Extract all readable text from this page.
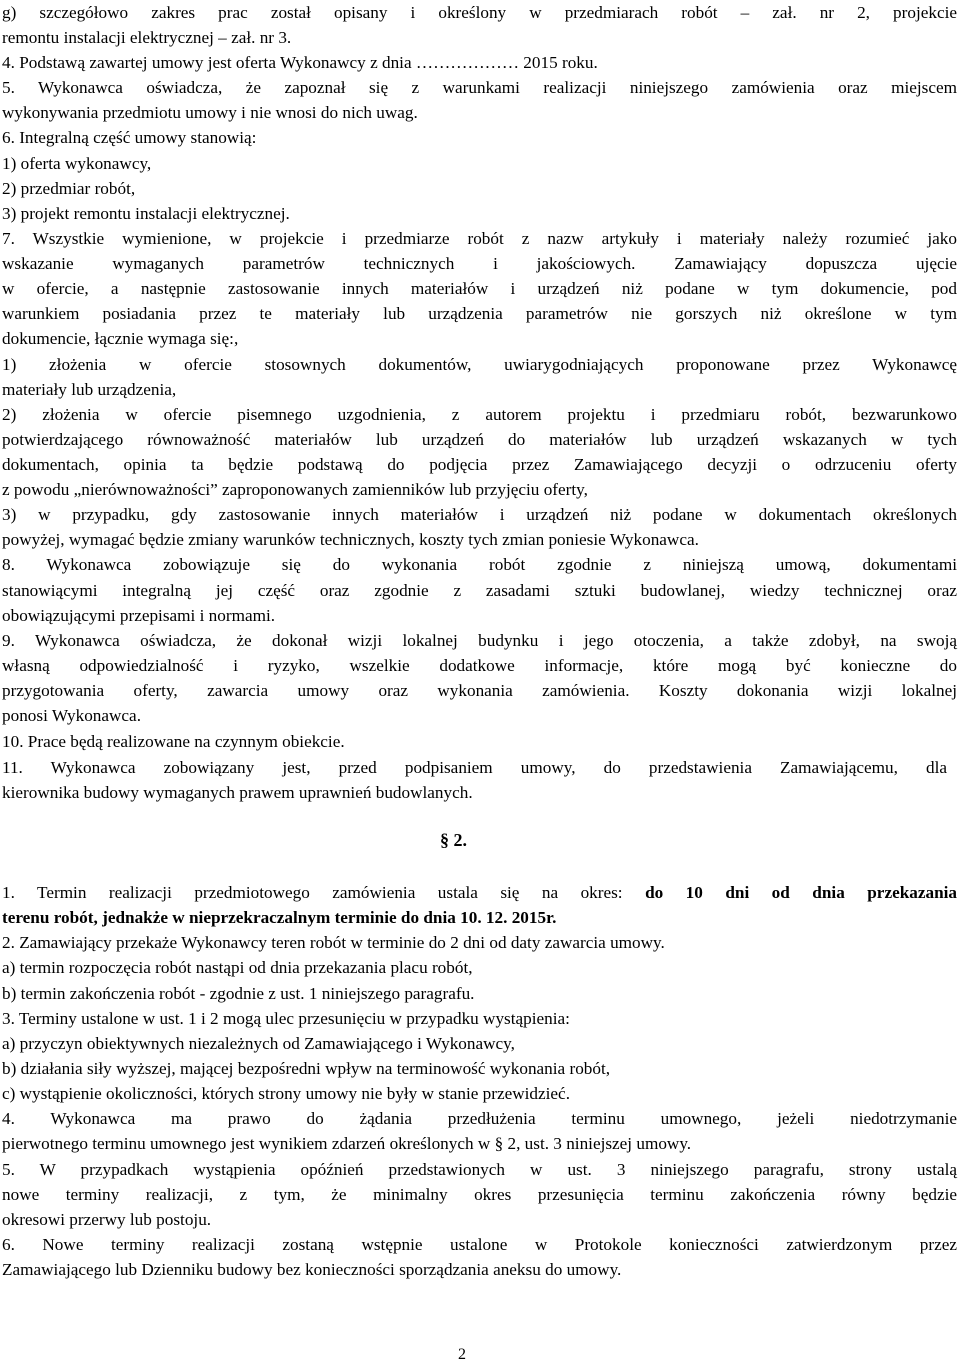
g) szczegółowo zakres prac został opisany i określony w przedmiarach robót – zał. nr 2, projekcie
remontu instalacji elektrycznej – zał. nr 3.
4. Podstawą zawartej umowy jest oferta Wykonawcy z dnia ……………… 2015 roku.
5. Wykonawca oświadcza, że zapoznał się z warunkami realizacji niniejszego zamówienia oraz miejscem
wykonywania przedmiotu umowy i nie wnosi do nich uwag.
6. Integralną część umowy stanowią:
1) oferta wykonawcy,
2) przedmiar robót,
3) projekt remontu instalacji elektrycznej.
7. Wszystkie wymienione, w projekcie i przedmiarze robót z nazw artykuły i materiały należy rozumieć jako
wskazanie wymaganych parametrów technicznych i jakościowych. Zamawiający dopuszcza ujęcie
w ofercie, a następnie zastosowanie innych materiałów i urządzeń niż podane w tym dokumencie, pod
warunkiem posiadania przez te materiały lub urządzenia parametrów nie gorszych niż określone w tym
dokumencie, łącznie wymaga się:,
1) złożenia w ofercie stosownych dokumentów, uwiarygodniających proponowane przez Wykonawcę
materiały lub urządzenia,
2) złożenia w ofercie pisemnego uzgodnienia, z autorem projektu i przedmiaru robót, bezwarunkowo
potwierdzającego równoważność materiałów lub urządzeń do materiałów lub urządzeń wskazanych w tych
dokumentach, opinia ta będzie podstawą do podjęcia przez Zamawiającego decyzji o odrzuceniu oferty
z powodu „nierównoważności” zaproponowanych zamienników lub przyjęciu oferty,
3) w przypadku, gdy zastosowanie innych materiałów i urządzeń niż podane w dokumentach określonych
powyżej, wymagać będzie zmiany warunków technicznych, koszty tych zmian poniesie Wykonawca.
8. Wykonawca zobowiązuje się do wykonania robót zgodnie z niniejszą umową, dokumentami
stanowiącymi integralną jej część oraz zgodnie z zasadami sztuki budowlanej, wiedzy technicznej oraz
obowiązującymi przepisami i normami.
9. Wykonawca oświadcza, że dokonał wizji lokalnej budynku i jego otoczenia, a także zdobył, na swoją
własną odpowiedzialność i ryzyko, wszelkie dodatkowe informacje, które mogą być konieczne do
przygotowania oferty, zawarcia umowy oraz wykonania zamówienia. Koszty dokonania wizji lokalnej
ponosi Wykonawca.
10. Prace będą realizowane na czynnym obiekcie.
11. Wykonawca zobowiązany jest, przed podpisaniem umowy, do przedstawienia Zamawiającemu, dla
kierownika budowy wymaganych prawem uprawnień budowlanych.
§ 2.
1. Termin realizacji przedmiotowego zamówienia ustala się na okres: do 10 dni od dnia przekazania
terenu robót, jednakże w nieprzekraczalnym terminie do dnia 10. 12. 2015r.
2. Zamawiający przekaże Wykonawcy teren robót w terminie do 2 dni od daty zawarcia umowy.
a) termin rozpoczęcia robót nastąpi od dnia przekazania placu robót,
b) termin zakończenia robót - zgodnie z ust. 1 niniejszego paragrafu.
3. Terminy ustalone w ust. 1 i 2 mogą ulec przesunięciu w przypadku wystąpienia:
a) przyczyn obiektywnych niezależnych od Zamawiającego i Wykonawcy,
b) działania siły wyższej, mającej bezpośredni wpływ na terminowość wykonania robót,
c) wystąpienie okoliczności, których strony umowy nie były w stanie przewidzieć.
4. Wykonawca ma prawo do żądania przedłużenia terminu umownego, jeżeli niedotrzymanie
pierwotnego terminu umownego jest wynikiem zdarzeń określonych w § 2, ust. 3 niniejszej umowy.
5. W przypadkach wystąpienia opóźnień przedstawionych w ust. 3 niniejszego paragrafu, strony ustalą
nowe terminy realizacji, z tym, że minimalny okres przesunięcia terminu zakończenia równy będzie
okresowi przerwy lub postoju.
6. Nowe terminy realizacji zostaną wstępnie ustalone w Protokole konieczności zatwierdzonym przez
Zamawiającego lub Dzienniku budowy bez konieczności sporządzania aneksu do umowy.
2
